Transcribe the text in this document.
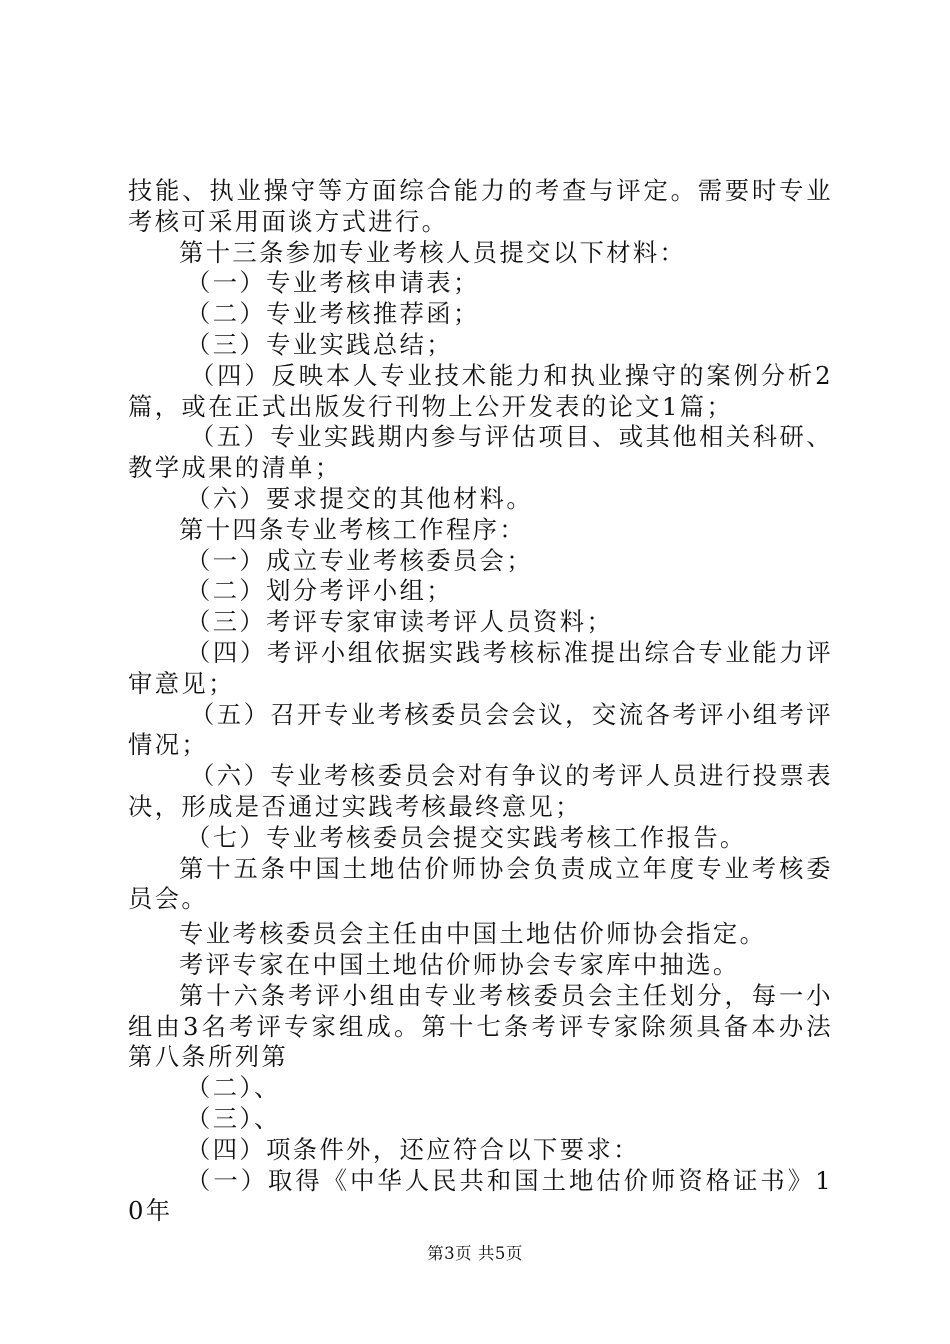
技能、执业操守等方面综合能力的考查与评定。需要时专业考核可采用面谈方式进行。

第十三条参加专业考核人员提交以下材料：

（一）专业考核申请表；

（二）专业考核推荐函；

（三）专业实践总结；

（四）反映本人专业技术能力和执业操守的案例分析2篇，或在正式出版发行刊物上公开发表的论文1篇；

（五）专业实践期内参与评估项目、或其他相关科研、教学成果的清单；

（六）要求提交的其他材料。

第十四条专业考核工作程序：

（一）成立专业考核委员会；

（二）划分考评小组；

（三）考评专家审读考评人员资料；

（四）考评小组依据实践考核标准提出综合专业能力评审意见；

（五）召开专业考核委员会会议，交流各考评小组考评情况；

（六）专业考核委员会对有争议的考评人员进行投票表决，形成是否通过实践考核最终意见；

（七）专业考核委员会提交实践考核工作报告。

第十五条中国土地估价师协会负责成立年度专业考核委员会。

专业考核委员会主任由中国土地估价师协会指定。

考评专家在中国土地估价师协会专家库中抽选。

第十六条考评小组由专业考核委员会主任划分，每一小组由3名考评专家组成。第十七条考评专家除须具备本办法第八条所列第

（二）、

（三）、

（四）项条件外，还应符合以下要求：

（一）取得《中华人民共和国土地估价师资格证书》10年

第3页 共5页
